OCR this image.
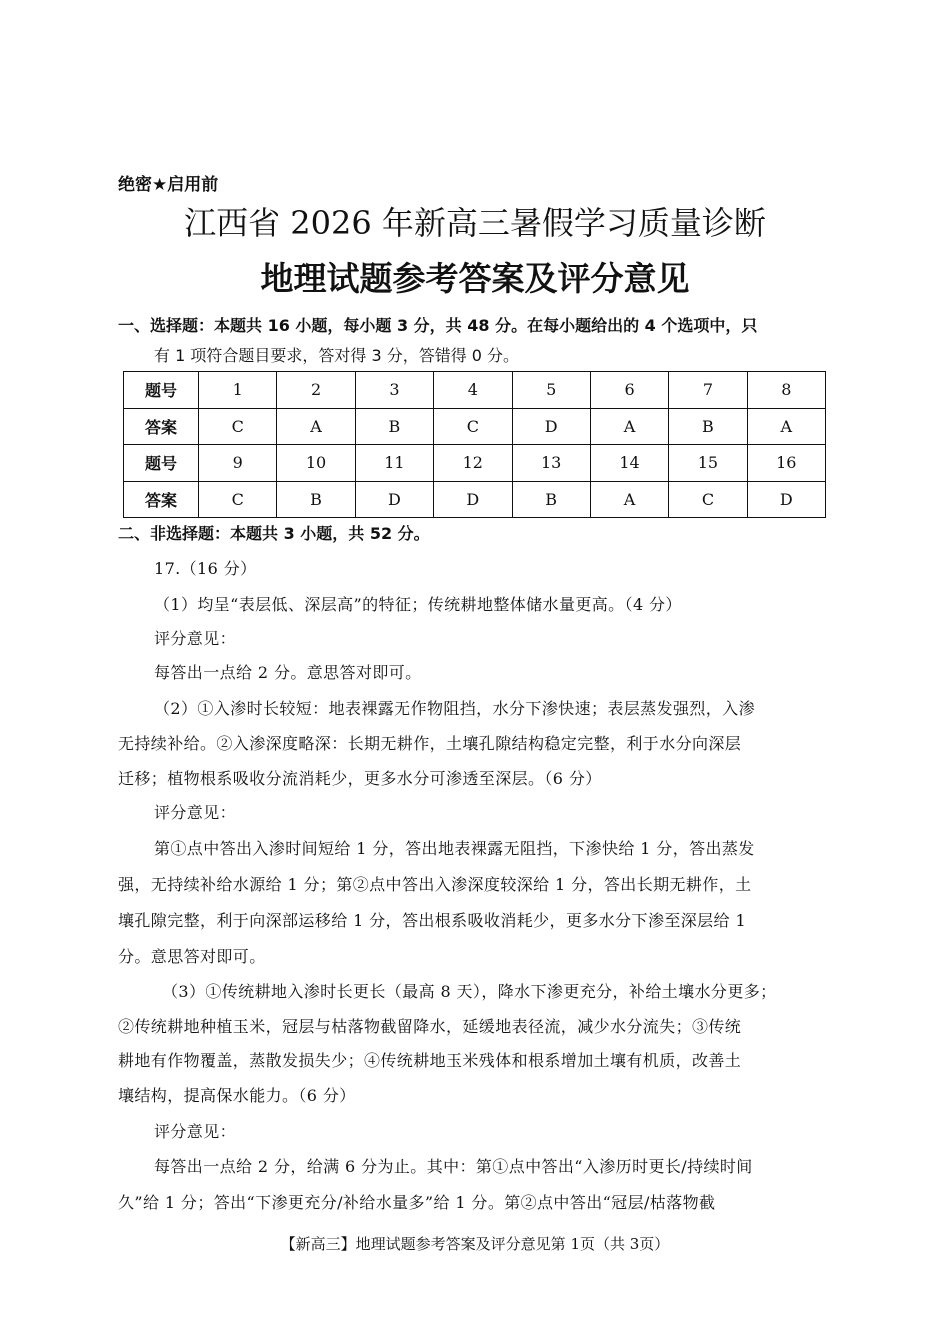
绝密★启用前
江西省 2026 年新高三暑假学习质量诊断
地理试题参考答案及评分意见
一、选择题：本题共 16 小题，每小题 3 分，共 48 分。在每小题给出的 4 个选项中，只
有 1 项符合题目要求，答对得 3 分，答错得 0 分。
题号	1	2	3	4	5	6	7	8
答案	C	A	B	C	D	A	B	A
题号	9	10	11	12	13	14	15	16
答案	C	B	D	D	B	A	C	D
二、非选择题：本题共 3 小题，共 52 分。
17.（16 分）
（1）均呈“表层低、深层高”的特征；传统耕地整体储水量更高。（4 分）
评分意见：
每答出一点给 2 分。意思答对即可。
（2）①入渗时长较短：地表裸露无作物阻挡，水分下渗快速；表层蒸发强烈，入渗
无持续补给。②入渗深度略深：长期无耕作，土壤孔隙结构稳定完整，利于水分向深层
迁移；植物根系吸收分流消耗少，更多水分可渗透至深层。（6 分）
评分意见：
第①点中答出入渗时间短给 1 分，答出地表裸露无阻挡，下渗快给 1 分，答出蒸发
强，无持续补给水源给 1 分；第②点中答出入渗深度较深给 1 分，答出长期无耕作，土
壤孔隙完整，利于向深部运移给 1 分，答出根系吸收消耗少，更多水分下渗至深层给 1
分。意思答对即可。
（3）①传统耕地入渗时长更长（最高 8 天），降水下渗更充分，补给土壤水分更多；
②传统耕地种植玉米，冠层与枯落物截留降水，延缓地表径流，减少水分流失；③传统
耕地有作物覆盖，蒸散发损失少；④传统耕地玉米残体和根系增加土壤有机质，改善土
壤结构，提高保水能力。（6 分）
评分意见：
每答出一点给 2 分，给满 6 分为止。其中：第①点中答出“入渗历时更长/持续时间
久”给 1 分；答出“下渗更充分/补给水量多”给 1 分。第②点中答出“冠层/枯落物截
【新高三】地理试题参考答案及评分意见第 1页（共 3页）
